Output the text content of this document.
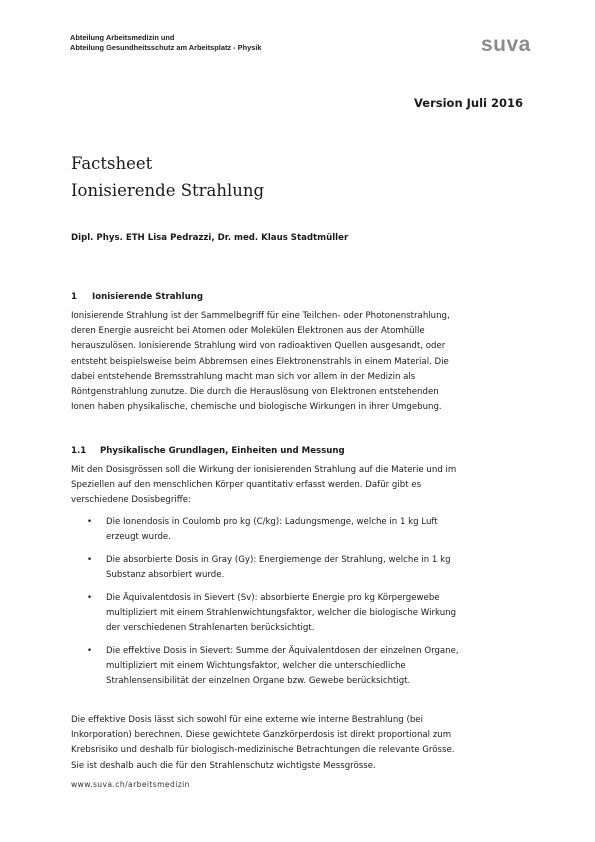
Abteilung Arbeitsmedizin und
Abteilung Gesundheitsschutz am Arbeitsplatz - Physik	suva
Version Juli 2016
Factsheet
Ionisierende Strahlung
Dipl. Phys. ETH Lisa Pedrazzi, Dr. med. Klaus Stadtmüller
1 Ionisierende Strahlung
Ionisierende Strahlung ist der Sammelbegriff für eine Teilchen- oder Photonenstrahlung,
deren Energie ausreicht bei Atomen oder Molekülen Elektronen aus der Atomhülle
herauszulösen. Ionisierende Strahlung wird von radioaktiven Quellen ausgesandt, oder
entsteht beispielsweise beim Abbremsen eines Elektronenstrahls in einem Material. Die
dabei entstehende Bremsstrahlung macht man sich vor allem in der Medizin als
Röntgenstrahlung zunutze. Die durch die Herauslösung von Elektronen entstehenden
Ionen haben physikalische, chemische und biologische Wirkungen in ihrer Umgebung.
1.1 Physikalische Grundlagen, Einheiten und Messung
Mit den Dosisgrössen soll die Wirkung der ionisierenden Strahlung auf die Materie und im
Speziellen auf den menschlichen Körper quantitativ erfasst werden. Dafür gibt es
verschiedene Dosisbegriffe:
• Die Ionendosis in Coulomb pro kg (C/kg): Ladungsmenge, welche in 1 kg Luft
erzeugt wurde.
• Die absorbierte Dosis in Gray (Gy): Energiemenge der Strahlung, welche in 1 kg
Substanz absorbiert wurde.
• Die Äquivalentdosis in Sievert (Sv): absorbierte Energie pro kg Körpergewebe
multipliziert mit einem Strahlenwichtungsfaktor, welcher die biologische Wirkung
der verschiedenen Strahlenarten berücksichtigt.
• Die effektive Dosis in Sievert: Summe der Äquivalentdosen der einzelnen Organe,
multipliziert mit einem Wichtungsfaktor, welcher die unterschiedliche
Strahlensensibilität der einzelnen Organe bzw. Gewebe berücksichtigt.
Die effektive Dosis lässt sich sowohl für eine externe wie interne Bestrahlung (bei
Inkorporation) berechnen. Diese gewichtete Ganzkörperdosis ist direkt proportional zum
Krebsrisiko und deshalb für biologisch-medizinische Betrachtungen die relevante Grösse.
Sie ist deshalb auch die für den Strahlenschutz wichtigste Messgrösse.
www.suva.ch/arbeitsmedizin
